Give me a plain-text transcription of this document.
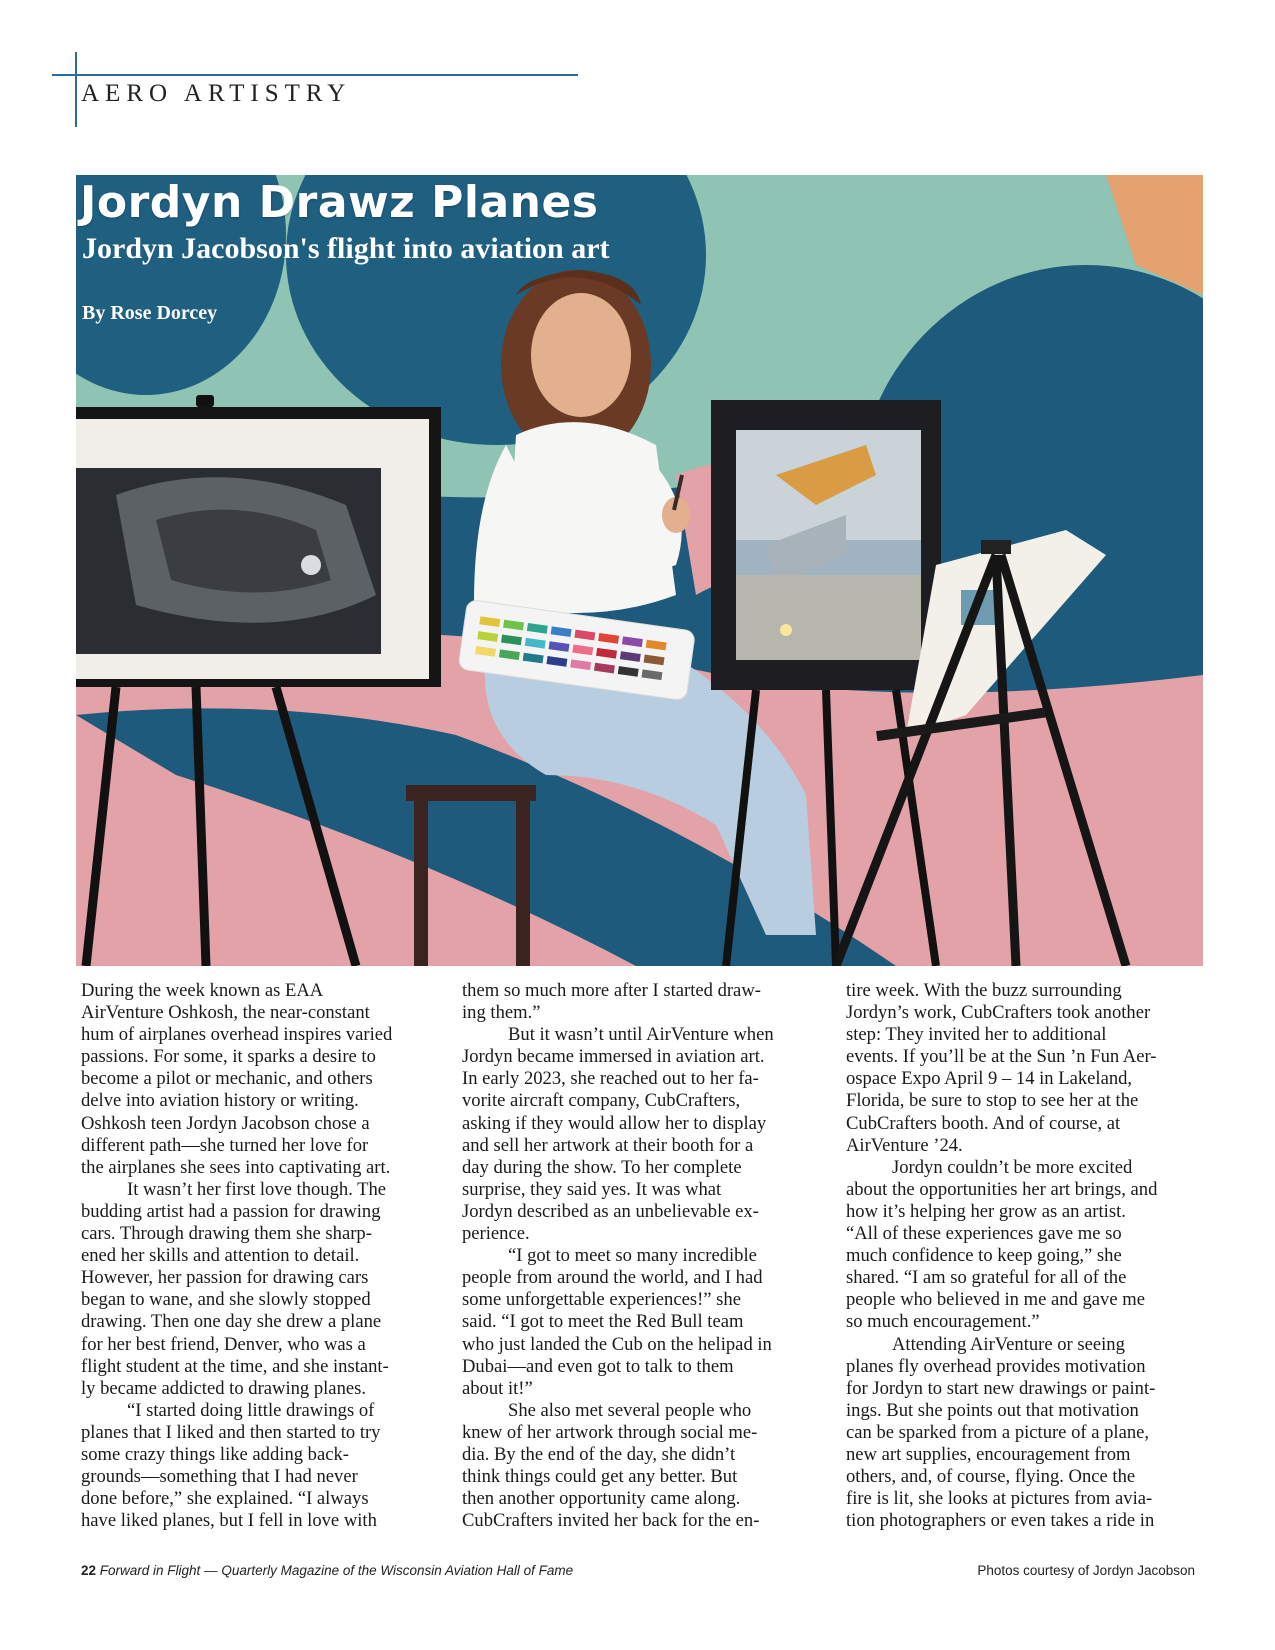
AERO ARTISTRY
Jordyn Drawz Planes
Jordyn Jacobson's flight into aviation art
By Rose Dorcey

During the week known as EAA

AirVenture Oshkosh, the near-constant

hum of airplanes overhead inspires varied

passions. For some, it sparks a desire to

become a pilot or mechanic, and others

delve into aviation history or writing.

Oshkosh teen Jordyn Jacobson chose a

different path—she turned her love for

the airplanes she sees into captivating art.

It wasn’t her first love though. The

budding artist had a passion for drawing

cars. Through drawing them she sharp-

ened her skills and attention to detail.

However, her passion for drawing cars

began to wane, and she slowly stopped

drawing. Then one day she drew a plane

for her best friend, Denver, who was a

flight student at the time, and she instant-

ly became addicted to drawing planes.

“I started doing little drawings of

planes that I liked and then started to try

some crazy things like adding back-

grounds—something that I had never

done before,” she explained. “I always

have liked planes, but I fell in love with

them so much more after I started draw-

ing them.”

But it wasn’t until AirVenture when

Jordyn became immersed in aviation art.

In early 2023, she reached out to her fa-

vorite aircraft company, CubCrafters,

asking if they would allow her to display

and sell her artwork at their booth for a

day during the show. To her complete

surprise, they said yes. It was what

Jordyn described as an unbelievable ex-

perience.

“I got to meet so many incredible

people from around the world, and I had

some unforgettable experiences!” she

said. “I got to meet the Red Bull team

who just landed the Cub on the helipad in

Dubai—and even got to talk to them

about it!”

She also met several people who

knew of her artwork through social me-

dia. By the end of the day, she didn’t

think things could get any better. But

then another opportunity came along.

CubCrafters invited her back for the en-

tire week. With the buzz surrounding

Jordyn’s work, CubCrafters took another

step: They invited her to additional

events. If you’ll be at the Sun ’n Fun Aer-

ospace Expo April 9 – 14 in Lakeland,

Florida, be sure to stop to see her at the

CubCrafters booth. And of course, at

AirVenture ’24.

Jordyn couldn’t be more excited

about the opportunities her art brings, and

how it’s helping her grow as an artist.

“All of these experiences gave me so

much confidence to keep going,” she

shared. “I am so grateful for all of the

people who believed in me and gave me

so much encouragement.”

Attending AirVenture or seeing

planes fly overhead provides motivation

for Jordyn to start new drawings or paint-

ings. But she points out that motivation

can be sparked from a picture of a plane,

new art supplies, encouragement from

others, and, of course, flying. Once the

fire is lit, she looks at pictures from avia-

tion photographers or even takes a ride in

22 Forward in Flight — Quarterly Magazine of the Wisconsin Aviation Hall of Fame	Photos courtesy of Jordyn Jacobson
